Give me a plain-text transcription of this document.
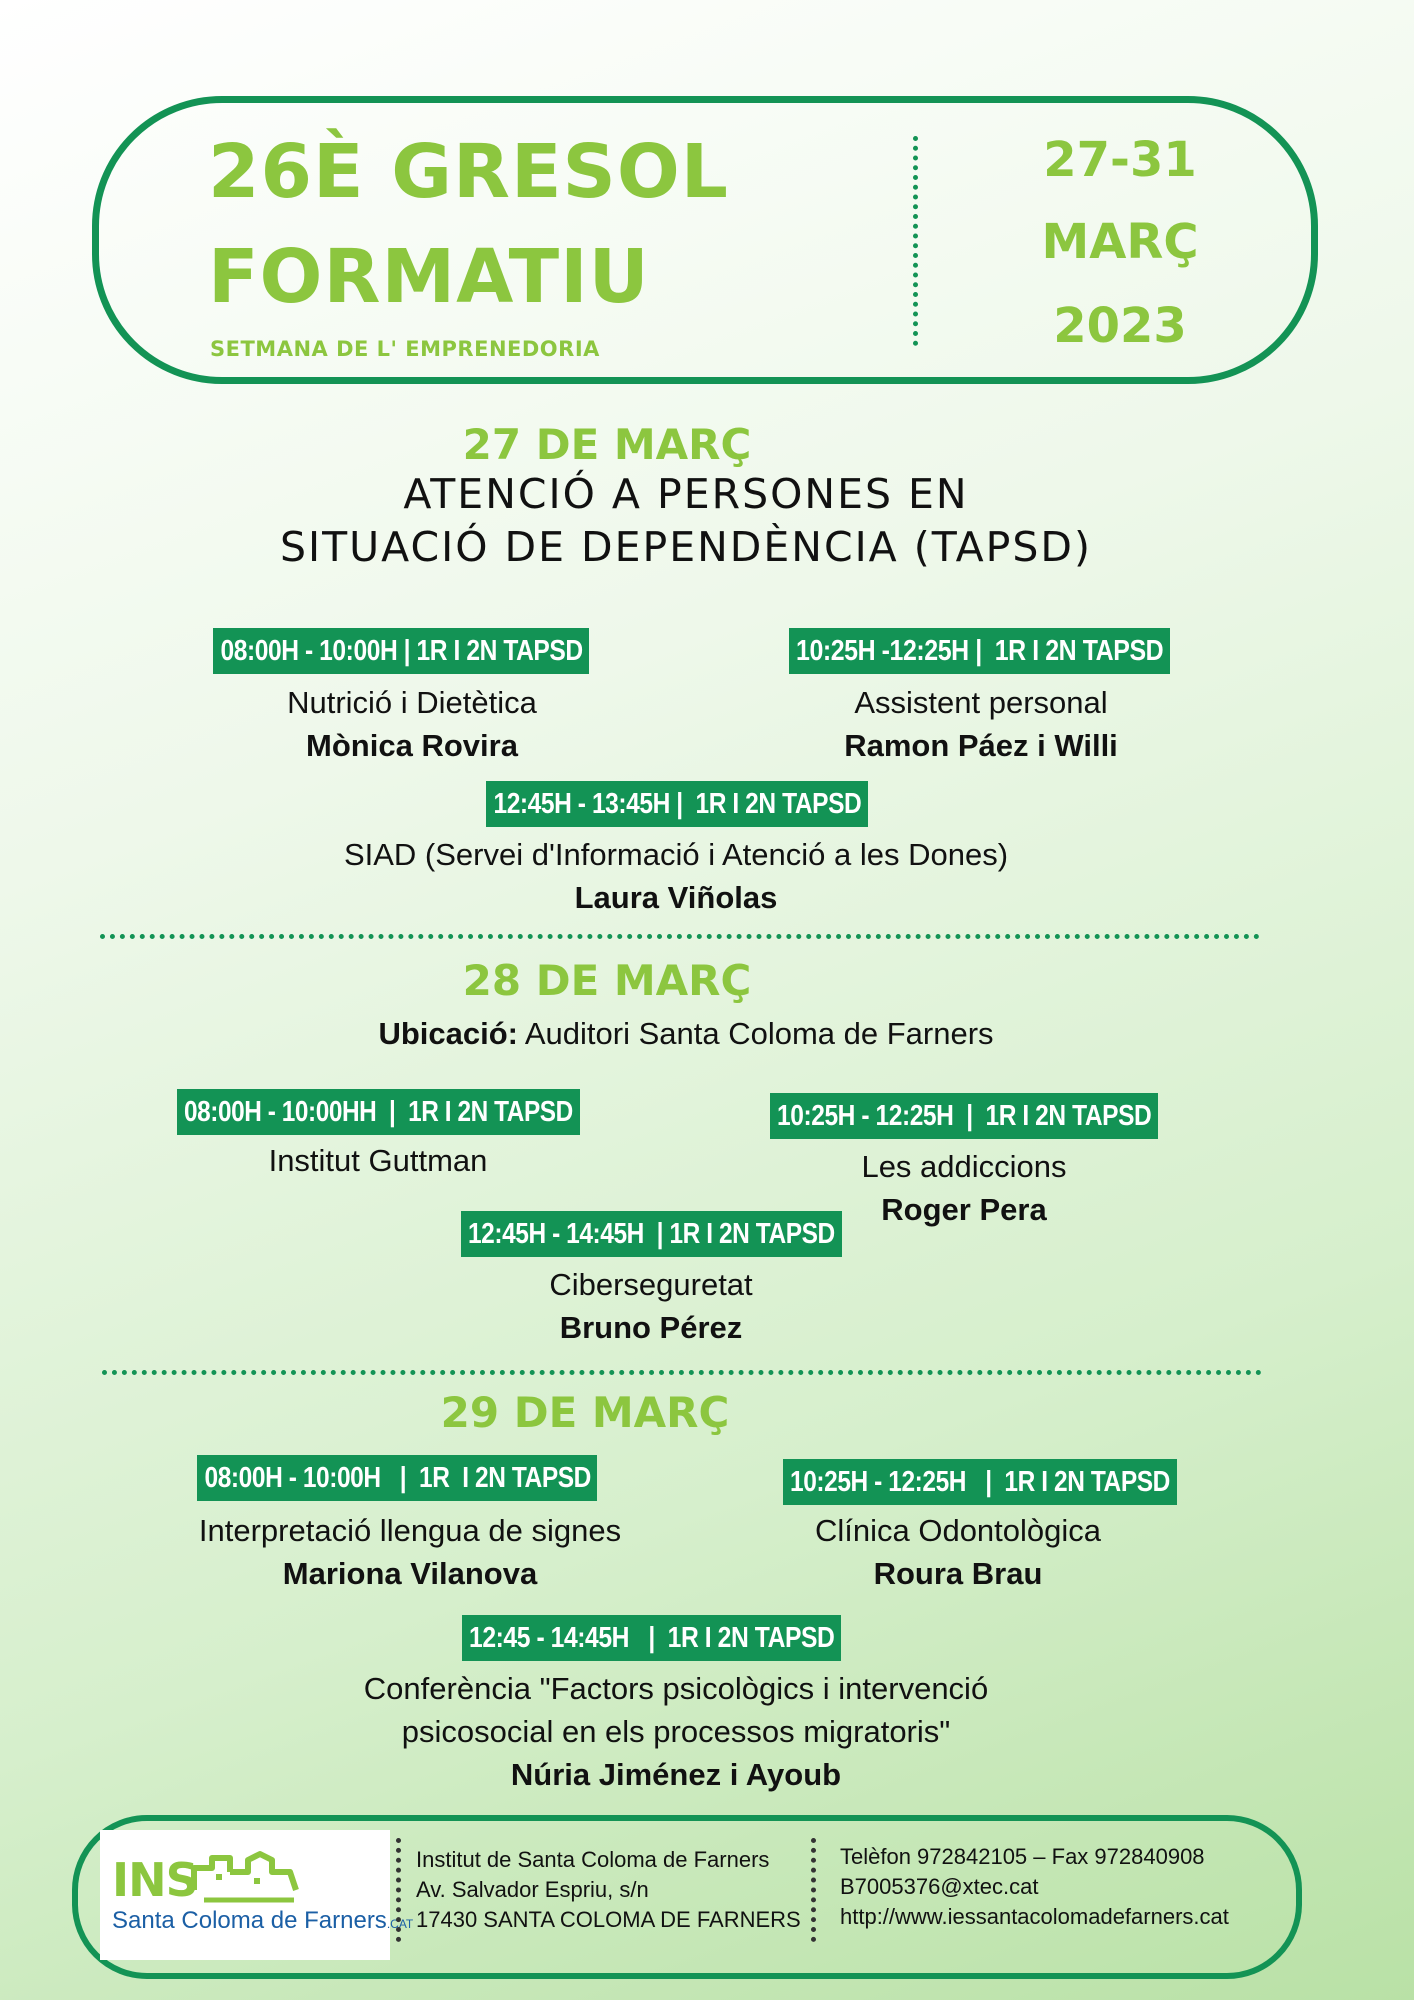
26È GRESOL
FORMATIU
SETMANA DE L' EMPRENEDORIA
27-31
MARÇ
2023
27 DE MARÇ
ATENCIÓ A PERSONES EN
SITUACIÓ DE DEPENDÈNCIA (TAPSD)
08:00H - 10:00H | 1R I 2N TAPSD
Nutrició i Dietètica
Mònica Rovira
10:25H -12:25H |  1R I 2N TAPSD
Assistent personal
Ramon Páez i Willi
12:45H - 13:45H |  1R I 2N TAPSD
SIAD (Servei d'Informació i Atenció a les Dones)
Laura Viñolas
28 DE MARÇ
Ubicació: Auditori Santa Coloma de Farners
08:00H - 10:00HH  |  1R I 2N TAPSD
Institut Guttman
10:25H - 12:25H  |  1R I 2N TAPSD
Les addiccions
Roger Pera
12:45H - 14:45H  | 1R I 2N TAPSD
Ciberseguretat
Bruno Pérez
29 DE MARÇ
08:00H - 10:00H   |  1R  I 2N TAPSD
Interpretació llengua de signes
Mariona Vilanova
10:25H - 12:25H   |  1R I 2N TAPSD
Clínica Odontològica
Roura Brau
12:45 - 14:45H   |  1R I 2N TAPSD
Conferència "Factors psicològics i intervenció
psicosocial en els processos migratoris"
Núria Jiménez i Ayoub
INS
Santa Coloma de Farners.CAT
Institut de Santa Coloma de Farners
Av. Salvador Espriu, s/n
17430 SANTA COLOMA DE FARNERS
Telèfon 972842105 – Fax 972840908
B7005376@xtec.cat
http://www.iessantacolomadefarners.cat
